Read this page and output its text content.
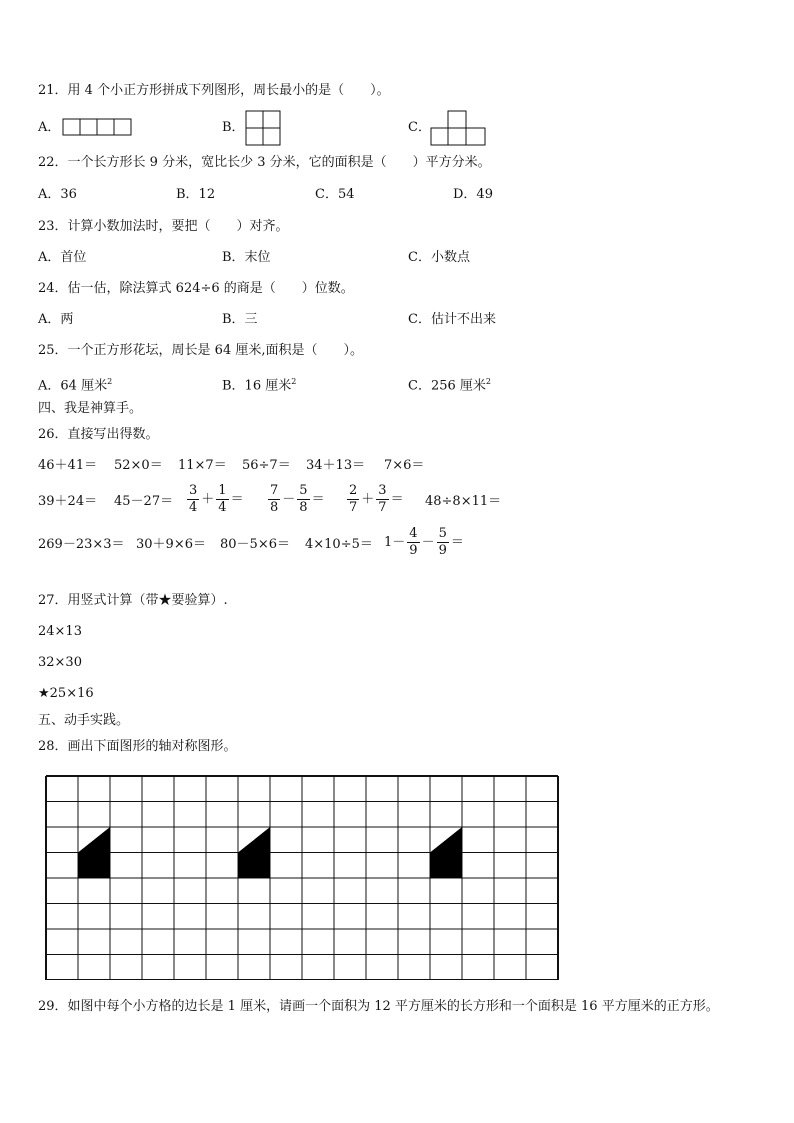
21．用 4 个小正方形拼成下列图形，周长最小的是（　　）。
A．	B．	C．
22．一个长方形长 9 分米，宽比长少 3 分米，它的面积是（　　）平方分米。
A．36	B．12	C．54	D．49
23．计算小数加法时，要把（　　）对齐。
A．首位	B．末位	C．小数点
24．估一估，除法算式 624÷6 的商是（　　）位数。
A．两	B．三	C．估计不出来
25．一个正方形花坛，周长是 64 厘米,面积是（　　）。
A．64 厘米$^2$	B．16 厘米$^2$	C．256 厘米$^2$
四、我是神算手。
26．直接写出得数。
46＋41＝ 52×0＝ 11×7＝ 56÷7＝ 34＋13＝ 7×6＝
$39+24= 45-27= \frac{3}{4} + \frac{1}{4} = \frac{7}{8} - \frac{5}{8} = \frac{2}{7} + \frac{3}{7} = 48\div 8\times 11=$
$269-23\times 3= 30+9\times 6= 80-5\times 6= 4\times 10\div 5= 1- \frac{4}{9} - \frac{5}{9}$ ＝
27．用竖式计算（带★要验算）.
24×13
32×30
★25×16
五、动手实践。
28．画出下面图形的轴对称图形。
29．如图中每个小方格的边长是 1 厘米，请画一个面积为 12 平方厘米的长方形和一个面积是 16 平方厘米的正方形。
